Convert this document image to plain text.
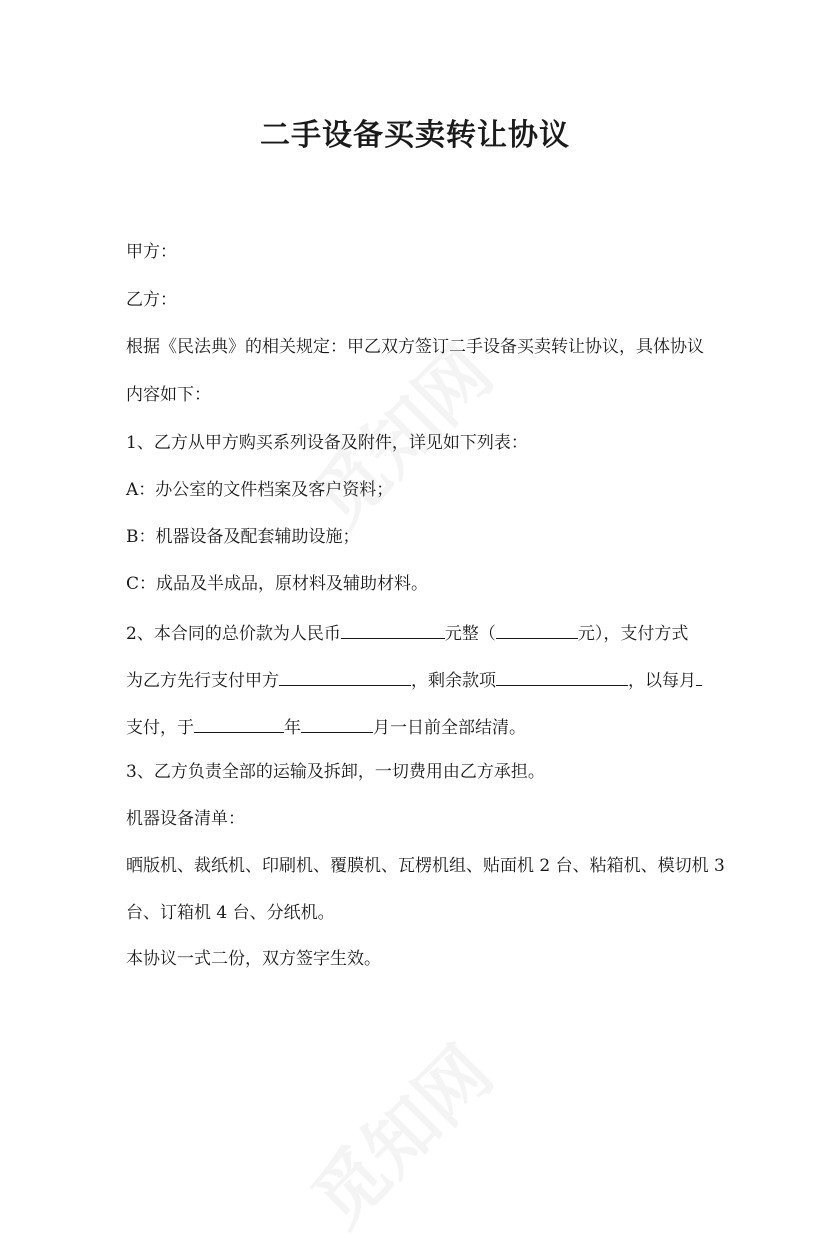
二手设备买卖转让协议
甲方：
乙方：
根据《民法典》的相关规定：甲乙双方签订二手设备买卖转让协议，具体协议
内容如下：
1、乙方从甲方购买系列设备及附件，详见如下列表：
A：办公室的文件档案及客户资料；
B：机器设备及配套辅助设施；
C：成品及半成品，原材料及辅助材料。
2、本合同的总价款为人民币	元整（	元），支付方式
为乙方先行支付甲方	，剩余款项	，以每月
支付，于	年	月一日前全部结清。
3、乙方负责全部的运输及拆卸，一切费用由乙方承担。
机器设备清单：
晒版机、裁纸机、印刷机、覆膜机、瓦楞机组、贴面机 2 台、粘箱机、模切机 3
台、订箱机 4 台、分纸机。
本协议一式二份，双方签字生效。
